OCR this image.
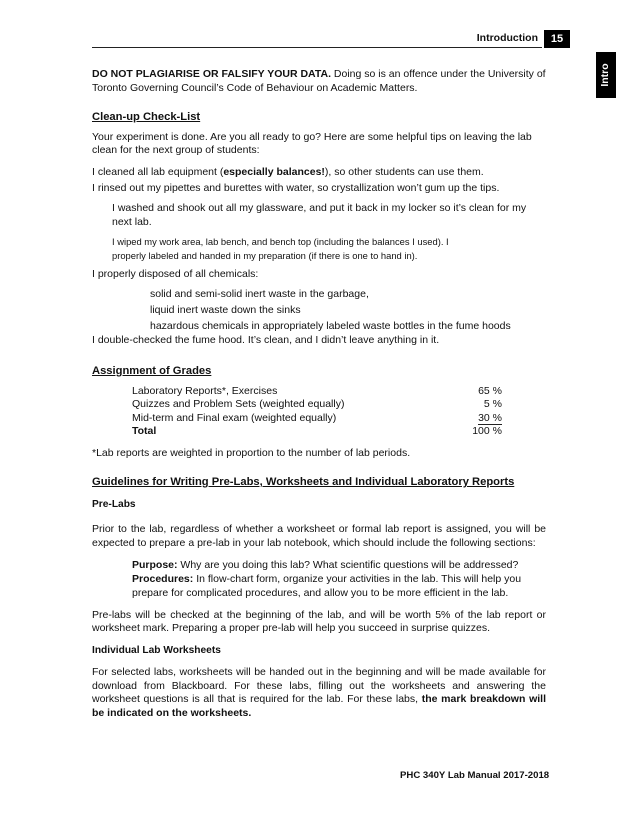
Introduction	15
Intro

DO NOT PLAGIARISE OR FALSIFY YOUR DATA. Doing so is an offence under the University of Toronto Governing Council’s Code of Behaviour on Academic Matters.

Clean-up Check-List

Your experiment is done. Are you all ready to go? Here are some helpful tips on leaving the lab clean for the next group of students:

I cleaned all lab equipment (especially balances!), so other students can use them.

I rinsed out my pipettes and burettes with water, so crystallization won’t gum up the tips.

I washed and shook out all my glassware, and put it back in my locker so it’s clean for my next lab.

I wiped my work area, lab bench, and bench top (including the balances I used). I

properly labeled and handed in my preparation (if there is one to hand in).

I properly disposed of all chemicals:

solid and semi-solid inert waste in the garbage,

liquid inert waste down the sinks

hazardous chemicals in appropriately labeled waste bottles in the fume hoods

I double-checked the fume hood. It’s clean, and I didn’t leave anything in it.

Assignment of Grades

Laboratory Reports*, Exercises	65 %
Quizzes and Problem Sets (weighted equally)	5 %
Mid-term and Final exam (weighted equally)	30 %
Total	100 %

*Lab reports are weighted in proportion to the number of lab periods.

Guidelines for Writing Pre-Labs, Worksheets and Individual Laboratory Reports

Pre-Labs

Prior to the lab, regardless of whether a worksheet or formal lab report is assigned, you will be expected to prepare a pre-lab in your lab notebook, which should include the following sections:

Purpose: Why are you doing this lab? What scientific questions will be addressed?

Procedures: In flow-chart form, organize your activities in the lab. This will help you prepare for complicated procedures, and allow you to be more efficient in the lab.

Pre-labs will be checked at the beginning of the lab, and will be worth 5% of the lab report or worksheet mark. Preparing a proper pre-lab will help you succeed in surprise quizzes.

Individual Lab Worksheets

For selected labs, worksheets will be handed out in the beginning and will be made available for download from Blackboard. For these labs, filling out the worksheets and answering the worksheet questions is all that is required for the lab. For these labs, the mark breakdown will be indicated on the worksheets.

PHC 340Y Lab Manual 2017-2018
